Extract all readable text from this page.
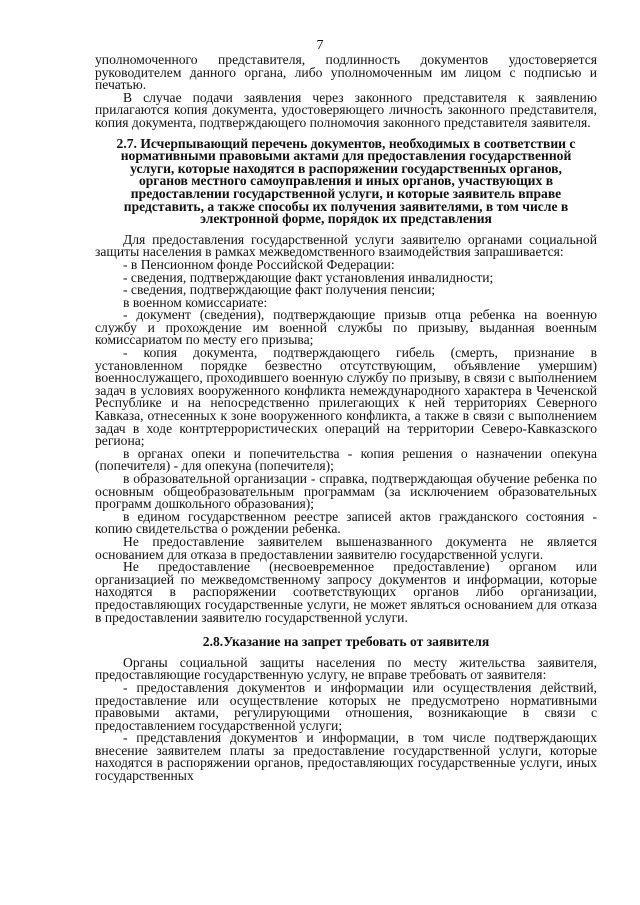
7

уполномоченного представителя, подлинность документов удостоверяется руководителем данного органа, либо уполномоченным им лицом с подписью и печатью.

В случае подачи заявления через законного представителя к заявлению прилагаются копия документа, удостоверяющего личность законного представителя, копия документа, подтверждающего полномочия законного представителя заявителя.

2.7. Исчерпывающий перечень документов, необходимых в соответствии с нормативными правовыми актами для предоставления государственной услуги, которые находятся в распоряжении государственных органов, органов местного самоуправления и иных органов, участвующих в предоставлении государственной услуги, и которые заявитель вправе представить, а также способы их получения заявителями, в том числе в электронной форме, порядок их представления

Для предоставления государственной услуги заявителю органами социальной защиты населения в рамках межведомственного взаимодействия запрашивается:

- в Пенсионном фонде Российской Федерации:

- сведения, подтверждающие факт установления инвалидности;

- сведения, подтверждающие факт получения пенсии;

в военном комиссариате:

- документ (сведения), подтверждающие призыв отца ребенка на военную службу и прохождение им военной службы по призыву, выданная военным комиссариатом по месту его призыва;

- копия документа, подтверждающего гибель (смерть, признание в установленном порядке безвестно отсутствующим, объявление умершим) военнослужащего, проходившего военную службу по призыву, в связи с выполнением задач в условиях вооруженного конфликта немеждународного характера в Чеченской Республике и на непосредственно прилегающих к ней территориях Северного Кавказа, отнесенных к зоне вооруженного конфликта, а также в связи с выполнением задач в ходе контртеррористических операций на территории Северо-Кавказского региона;

в органах опеки и попечительства - копия решения о назначении опекуна (попечителя) - для опекуна (попечителя);

в образовательной организации - справка, подтверждающая обучение ребенка по основным общеобразовательным программам (за исключением образовательных программ дошкольного образования);

в едином государственном реестре записей актов гражданского состояния - копию свидетельства о рождении ребенка.

Не предоставление заявителем вышеназванного документа не является основанием для отказа в предоставлении заявителю государственной услуги.

Не предоставление (несвоевременное предоставление) органом или организацией по межведомственному запросу документов и информации, которые находятся в распоряжении соответствующих органов либо организации, предоставляющих государственные услуги, не может являться основанием для отказа в предоставлении заявителю государственной услуги.

2.8.Указание на запрет требовать от заявителя

Органы социальной защиты населения по месту жительства заявителя, предоставляющие государственную услугу, не вправе требовать от заявителя:

- предоставления документов и информации или осуществления действий, предоставление или осуществление которых не предусмотрено нормативными правовыми актами, регулирующими отношения, возникающие в связи с предоставлением государственной услуги;

- представления документов и информации, в том числе подтверждающих внесение заявителем платы за предоставление государственной услуги, которые находятся в распоряжении органов, предоставляющих государственные услуги, иных государственных
